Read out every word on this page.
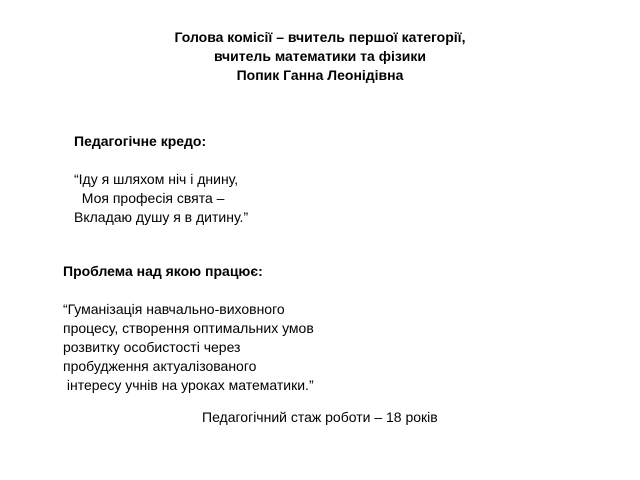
Голова комісії – вчитель першої категорії,
вчитель математики та фізики
Попик Ганна Леонідівна
Педагогічне кредо:
“Іду я шляхом ніч і днину,
Моя професія свята –
Вкладаю душу я в дитину.”
Проблема над якою працює:
“Гуманізація навчально-виховного
процесу, створення оптимальних умов
розвитку особистості через
пробудження актуалізованого
інтересу учнів на уроках математики.”
Педагогічний стаж роботи – 18 років
